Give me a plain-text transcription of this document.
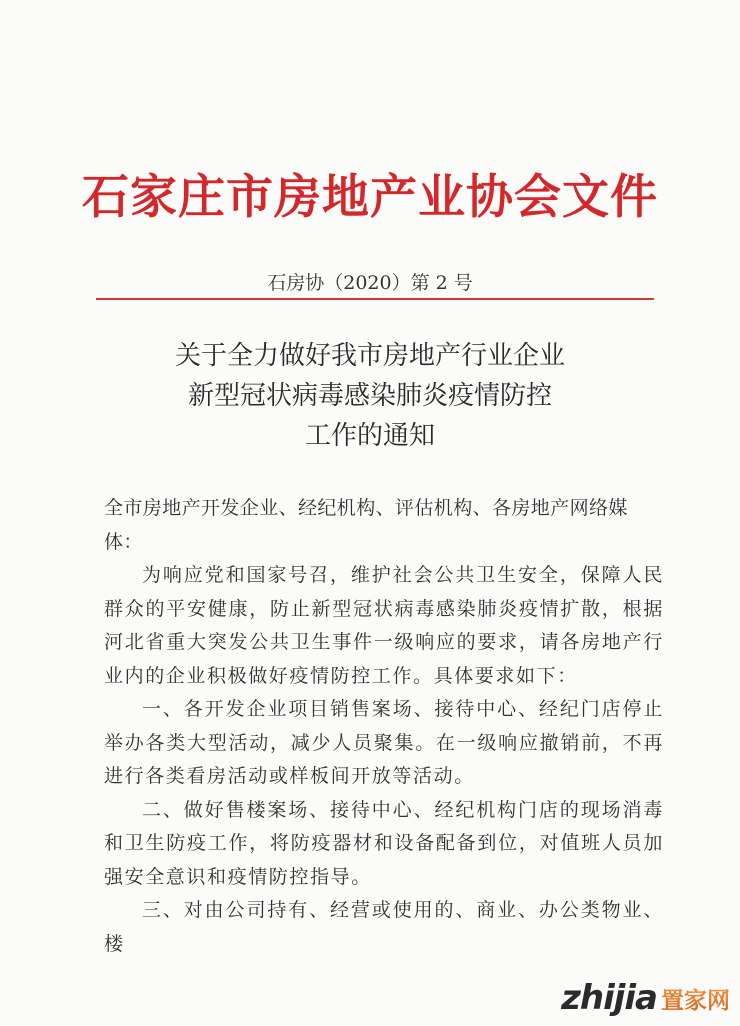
石家庄市房地产业协会文件
石房协（2020）第 2 号
关于全力做好我市房地产行业企业
新型冠状病毒感染肺炎疫情防控
工作的通知

全市房地产开发企业、经纪机构、评估机构、各房地产网络媒体：

为响应党和国家号召，维护社会公共卫生安全，保障人民群众的平安健康，防止新型冠状病毒感染肺炎疫情扩散，根据河北省重大突发公共卫生事件一级响应的要求，请各房地产行业内的企业积极做好疫情防控工作。具体要求如下：

一、各开发企业项目销售案场、接待中心、经纪门店停止举办各类大型活动，减少人员聚集。在一级响应撤销前，不再进行各类看房活动或样板间开放等活动。

二、做好售楼案场、接待中心、经纪机构门店的现场消毒和卫生防疫工作，将防疫器材和设备配备到位，对值班人员加强安全意识和疫情防控指导。

三、对由公司持有、经营或使用的、商业、办公类物业、楼

zhijia 置家网
